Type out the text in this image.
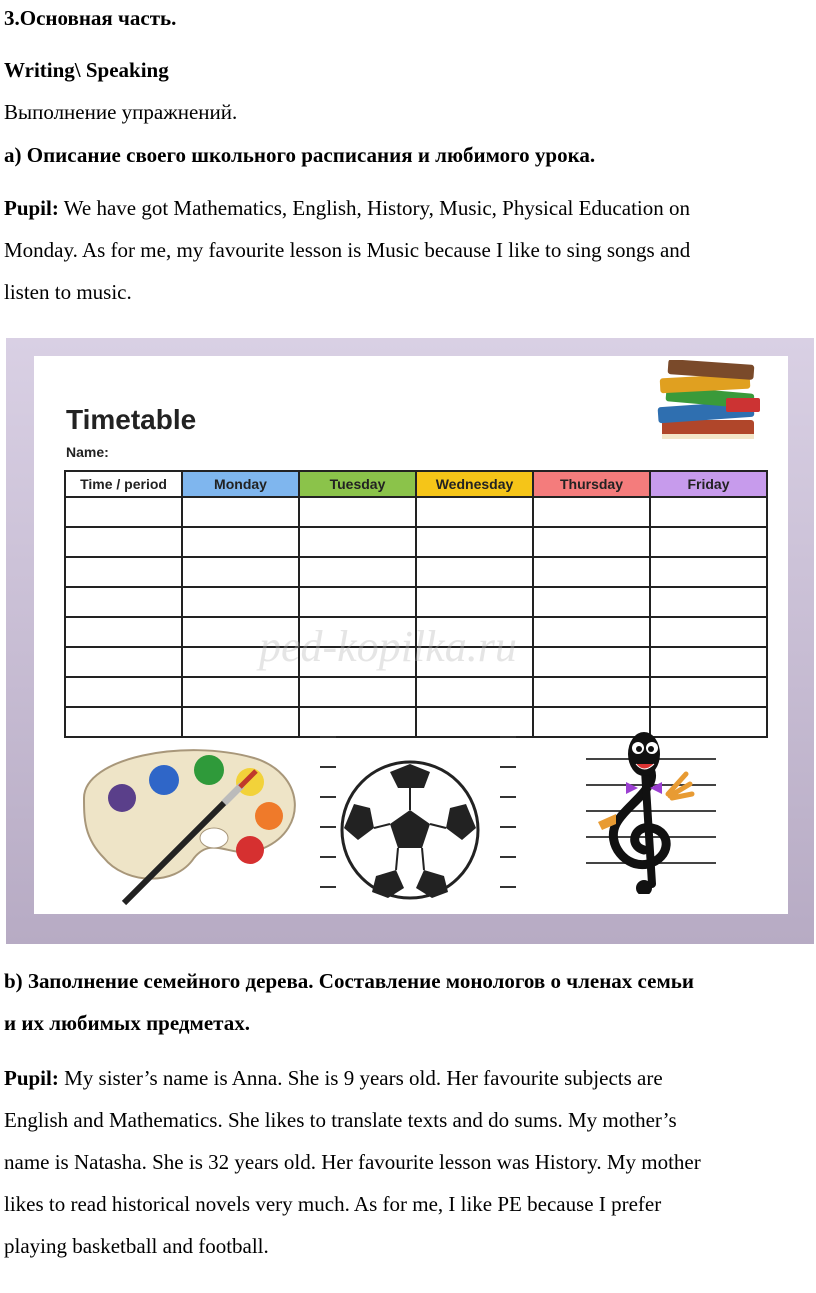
3.Основная часть.
Writing\ Speaking
Выполнение упражнений.
а) Описание своего школьного расписания и любимого урока.
Pupil: We have got Mathematics, English, History, Music, Physical Education on
Monday. As for me, my favourite lesson is Music because I like to sing songs and
listen to music.
Timetable
Name:
Time / period	Monday	Tuesday	Wednesday	Thursday	Friday

ped-kopilka.ru
b) Заполнение семейного дерева. Составление монологов о членах семьи
и их любимых предметах.
Pupil: My sister’s name is Anna. She is 9 years old. Her favourite subjects are
English and Mathematics. She likes to translate texts and do sums. My mother’s
name is Natasha. She is 32 years old. Her favourite lesson was History. My mother
likes to read historical novels very much. As for me, I like PE because I prefer
playing basketball and football.
